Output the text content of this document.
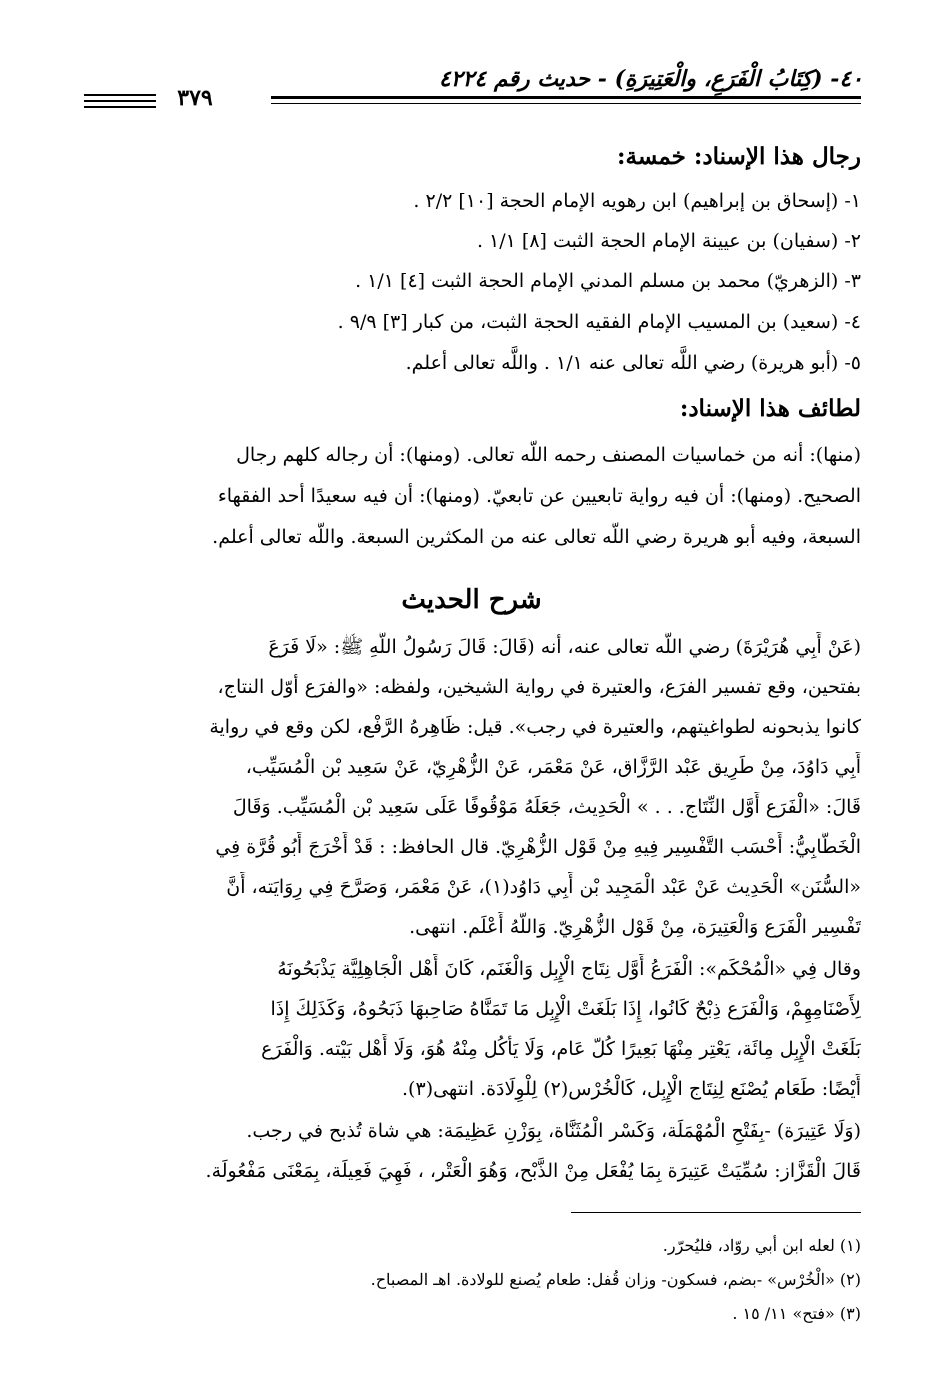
٤٠- (كِتَابُ الْفَرَعِ، والْعَتِيرَةِ) - حديث رقم ٤٢٢٤
٣٧٩
رجال هذا الإسناد: خمسة:
١- (إسحاق بن إبراهيم) ابن رهويه الإمام الحجة [١٠] ٢/٢ .
٢- (سفيان) بن عيينة الإمام الحجة الثبت [٨] ١/١ .
٣- (الزهريّ) محمد بن مسلم المدني الإمام الحجة الثبت [٤] ١/١ .
٤- (سعيد) بن المسيب الإمام الفقيه الحجة الثبت، من كبار [٣] ٩/٩ .
٥- (أبو هريرة) رضي اللَّه تعالى عنه ١/١ . واللَّه تعالى أعلم.
لطائف هذا الإسناد:
(منها): أنه من خماسيات المصنف رحمه اللَّه تعالى. (ومنها): أن رجاله كلهم رجال
الصحيح. (ومنها): أن فيه رواية تابعيين عن تابعيّ. (ومنها): أن فيه سعيدًا أحد الفقهاء
السبعة، وفيه أبو هريرة رضي اللَّه تعالى عنه من المكثرين السبعة. واللَّه تعالى أعلم.
شرح الحديث
(عَنْ أَبِي هُرَيْرَةَ) رضي اللَّه تعالى عنه، أنه (قَالَ: قَالَ رَسُولُ اللَّهِ ﷺ: «لَا فَرَعَ
بفتحين، وقع تفسير الفرَع، والعتيرة في رواية الشيخين، ولفظه: «والفرَع أوّل النتاج،
كانوا يذبحونه لطواغيتهم، والعتيرة في رجب». قيل: ظَاهِرهُ الرَّفْع، لكن وقع في رواية
أَبِي دَاوُدَ، مِنْ طَرِيق عَبْد الرَّزَّاق، عَنْ مَعْمَر، عَنْ الزُّهْرِيّ، عَنْ سَعِيد بْن الْمُسَيِّب،
قَالَ: «الْفَرَع أَوَّل النِّتَاج. . . » الْحَدِيث، جَعَلَهُ مَوْقُوفًا عَلَى سَعِيد بْن الْمُسَيِّب. وَقَالَ
الْخَطَّابِيُّ: أَحْسَب التَّفْسِير فِيهِ مِنْ قَوْل الزُّهْرِيّ. قال الحافظ: : قَدْ أَخْرَجَ أَبُو قُرَّة فِي
«السُّنَن» الْحَدِيث عَنْ عَبْد الْمَجِيد بْن أَبِي دَاوُد(١)، عَنْ مَعْمَر، وَصَرَّحَ فِي رِوَايَته، أَنَّ
تَفْسِير الْفَرَع وَالْعَتِيرَة، مِنْ قَوْل الزُّهْرِيّ. وَاللَّهُ أَعْلَم. انتهى.
وقال فِي «الْمُحْكَم»: الْفَرَعُ أَوَّل نِتَاج الْإِبِل وَالْغَنَم، كَانَ أَهْل الْجَاهِلِيَّة يَذْبَحُونَهُ
لِأَصْنَامِهِمْ، وَالْفَرَع ذِبْحٌ كَانُوا، إِذَا بَلَغَتْ الْإِبِل مَا تَمَنَّاهُ صَاحِبهَا ذَبَحُوهُ، وَكَذَلِكَ إِذَا
بَلَغَتْ الْإِبِل مِائَة، يَعْتِر مِنْهَا بَعِيرًا كُلّ عَام، وَلَا يَأْكُل مِنْهُ هُوَ، وَلَا أَهْل بَيْته. وَالْفَرَع
أَيْضًا: طَعَام يُصْنَع لِنِتَاج الْإِبِل، كَالْخُرْس(٢) لِلْوِلَادَة. انتهى(٣).
(وَلَا عَتِيرَة) -بِفَتْحِ الْمُهْمَلَة، وَكَسْر الْمُثَنَّاة، بِوَزْنِ عَظِيمَة: هي شاة تُذبح في رجب.
قَالَ الْقَزَّاز: سُمِّيَتْ عَتِيرَة بِمَا يُفْعَل مِنْ الذَّبْح، وَهُوَ الْعَتْر، ، فَهِيَ فَعِيلَة، بِمَعْنَى مَفْعُولَة.
(١) لعله ابن أبي روّاد، فليُحرّر.
(٢) «الْخُرْس» -بضم، فسكون- وزان قُفل: طعام يُصنع للولادة. اهـ المصباح.
(٣) «فتح» ١١/ ١٥ .
